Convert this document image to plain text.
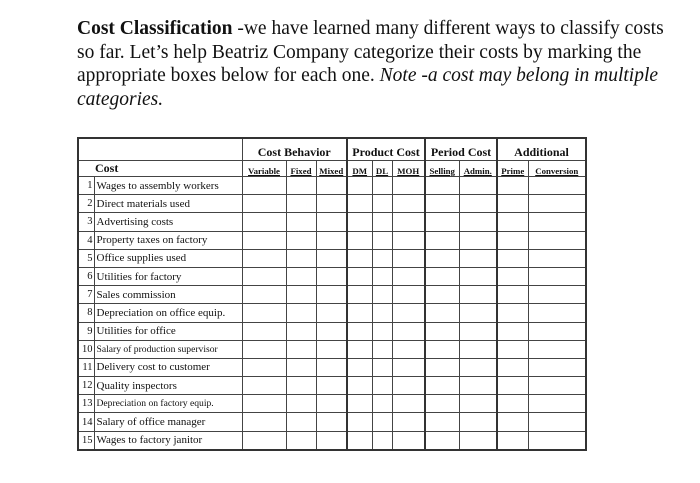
Cost Classification -we have learned many different ways to classify costs so far. Let’s help Beatriz Company categorize their costs by marking the appropriate boxes below for each one. Note -a cost may belong in multiple categories.
		Cost Behavior			Product Cost			Period Cost		Additional	
Cost		Variable	Fixed	Mixed	DM	DL	MOH	Selling	Admin.	Prime	Conversion
1	Wages to assembly workers										
2	Direct materials used										
3	Advertising costs										
4	Property taxes on factory										
5	Office supplies used										
6	Utilities for factory										
7	Sales commission										
8	Depreciation on office equip.										
9	Utilities for office										
10	Salary of production supervisor										
11	Delivery cost to customer										
12	Quality inspectors										
13	Depreciation on factory equip.										
14	Salary of office manager										
15	Wages to factory janitor										
